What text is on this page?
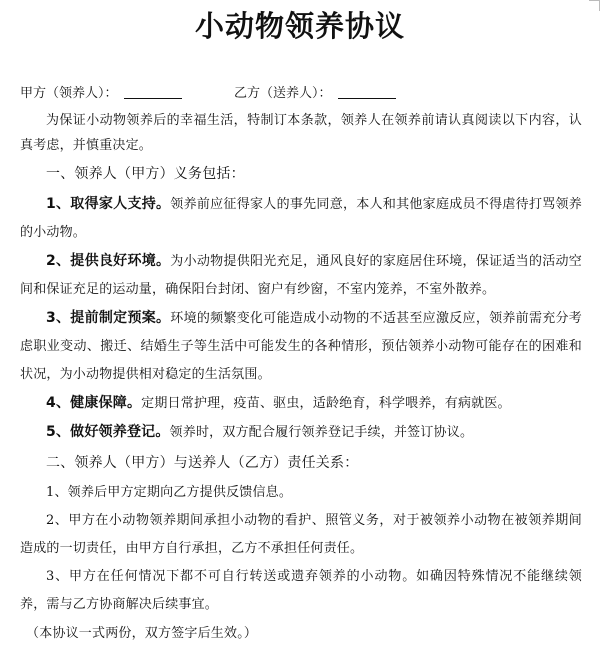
小动物领养协议
甲方（领养人）：	乙方（送养人）：

为保证小动物领养后的幸福生活，特制订本条款，领养人在领养前请认真阅读以下内容，认真考虑，并慎重决定。

一、领养人（甲方）义务包括：

1、取得家人支持。领养前应征得家人的事先同意，本人和其他家庭成员不得虐待打骂领养的小动物。

2、提供良好环境。为小动物提供阳光充足，通风良好的家庭居住环境，保证适当的活动空间和保证充足的运动量，确保阳台封闭、窗户有纱窗，不室内笼养，不室外散养。

3、提前制定预案。环境的频繁变化可能造成小动物的不适甚至应激反应，领养前需充分考虑职业变动、搬迁、结婚生子等生活中可能发生的各种情形，预估领养小动物可能存在的困难和状况，为小动物提供相对稳定的生活氛围。

4、健康保障。定期日常护理，疫苗、驱虫，适龄绝育，科学喂养，有病就医。

5、做好领养登记。领养时，双方配合履行领养登记手续，并签订协议。

二、领养人（甲方）与送养人（乙方）责任关系：

1、领养后甲方定期向乙方提供反馈信息。

2、甲方在小动物领养期间承担小动物的看护、照管义务，对于被领养小动物在被领养期间造成的一切责任，由甲方自行承担，乙方不承担任何责任。

3、甲方在任何情况下都不可自行转送或遗弃领养的小动物。如确因特殊情况不能继续领养，需与乙方协商解决后续事宜。

（本协议一式两份，双方签字后生效。）
